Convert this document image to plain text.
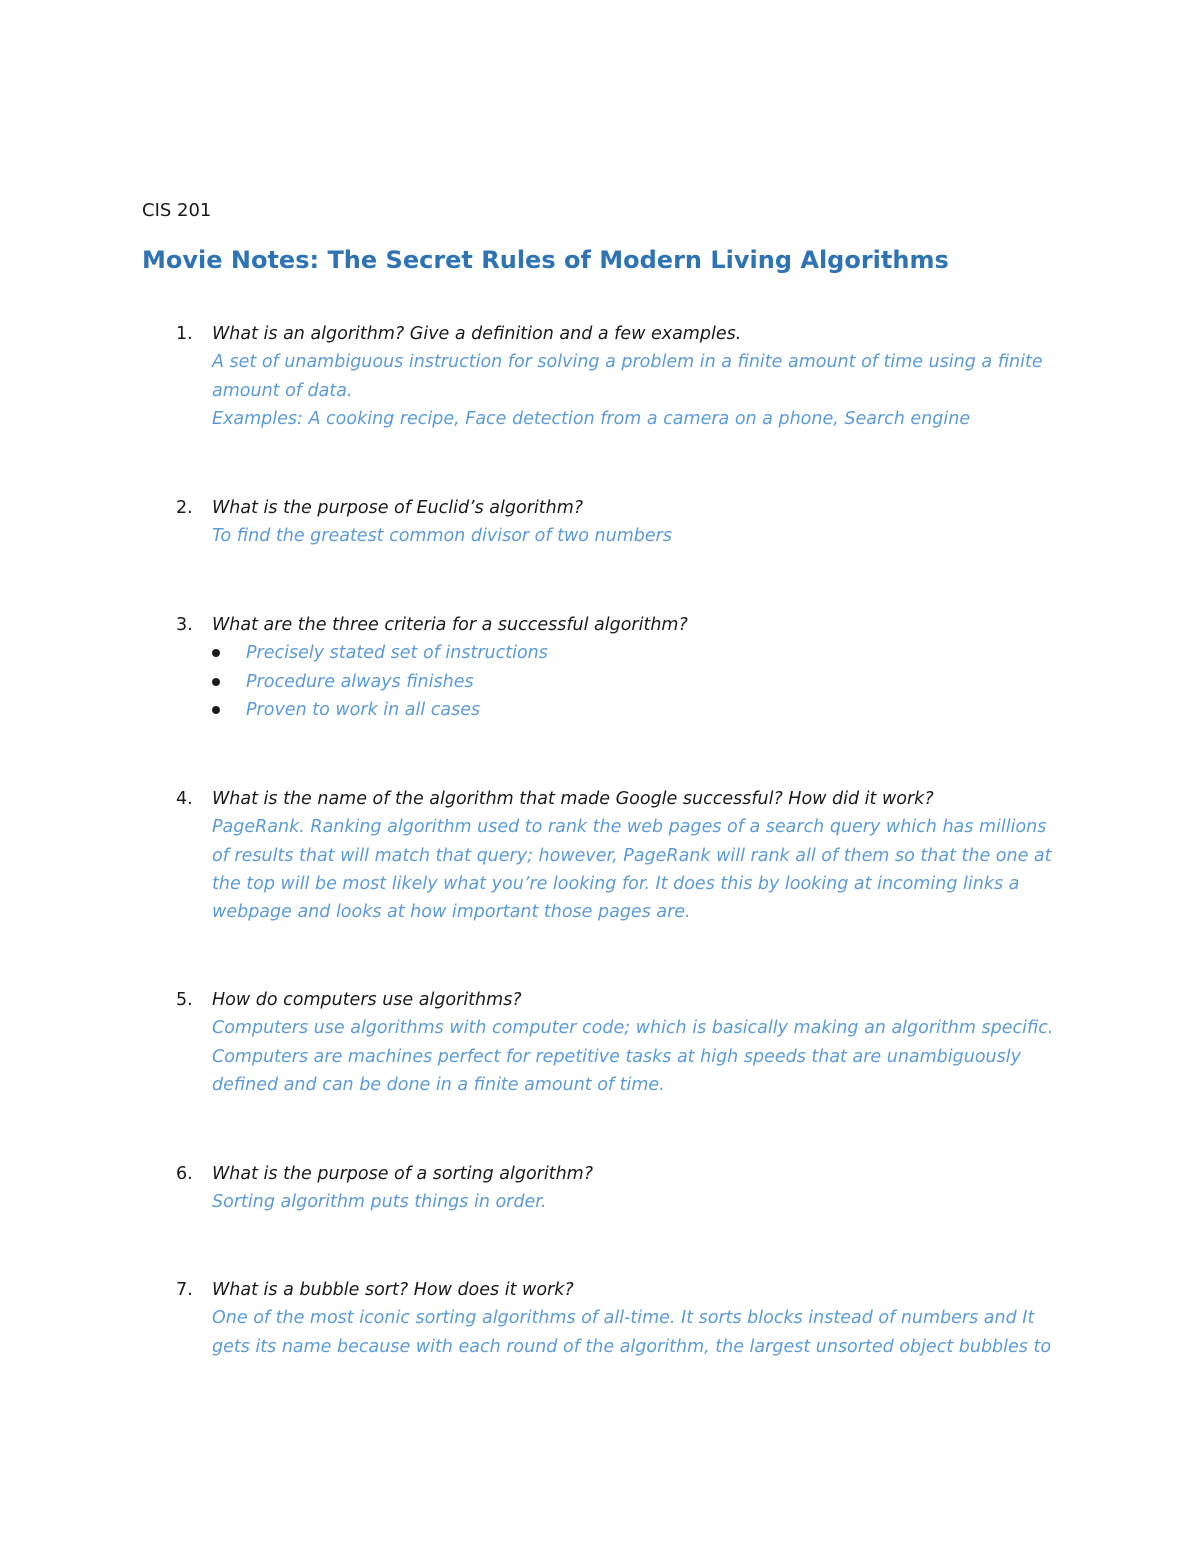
CIS 201
Movie Notes: The Secret Rules of Modern Living Algorithms
1. What is an algorithm? Give a definition and a few examples.
A set of unambiguous instruction for solving a problem in a finite amount of time using a finite
amount of data.
Examples: A cooking recipe, Face detection from a camera on a phone, Search engine
2. What is the purpose of Euclid’s algorithm?
To find the greatest common divisor of two numbers
3. What are the three criteria for a successful algorithm?
Precisely stated set of instructions
Procedure always finishes
Proven to work in all cases
4. What is the name of the algorithm that made Google successful? How did it work?
PageRank. Ranking algorithm used to rank the web pages of a search query which has millions
of results that will match that query; however, PageRank will rank all of them so that the one at
the top will be most likely what you’re looking for. It does this by looking at incoming links a
webpage and looks at how important those pages are.
5. How do computers use algorithms?
Computers use algorithms with computer code; which is basically making an algorithm specific.
Computers are machines perfect for repetitive tasks at high speeds that are unambiguously
defined and can be done in a finite amount of time.
6. What is the purpose of a sorting algorithm?
Sorting algorithm puts things in order.
7. What is a bubble sort? How does it work?
One of the most iconic sorting algorithms of all-time. It sorts blocks instead of numbers and It
gets its name because with each round of the algorithm, the largest unsorted object bubbles to
